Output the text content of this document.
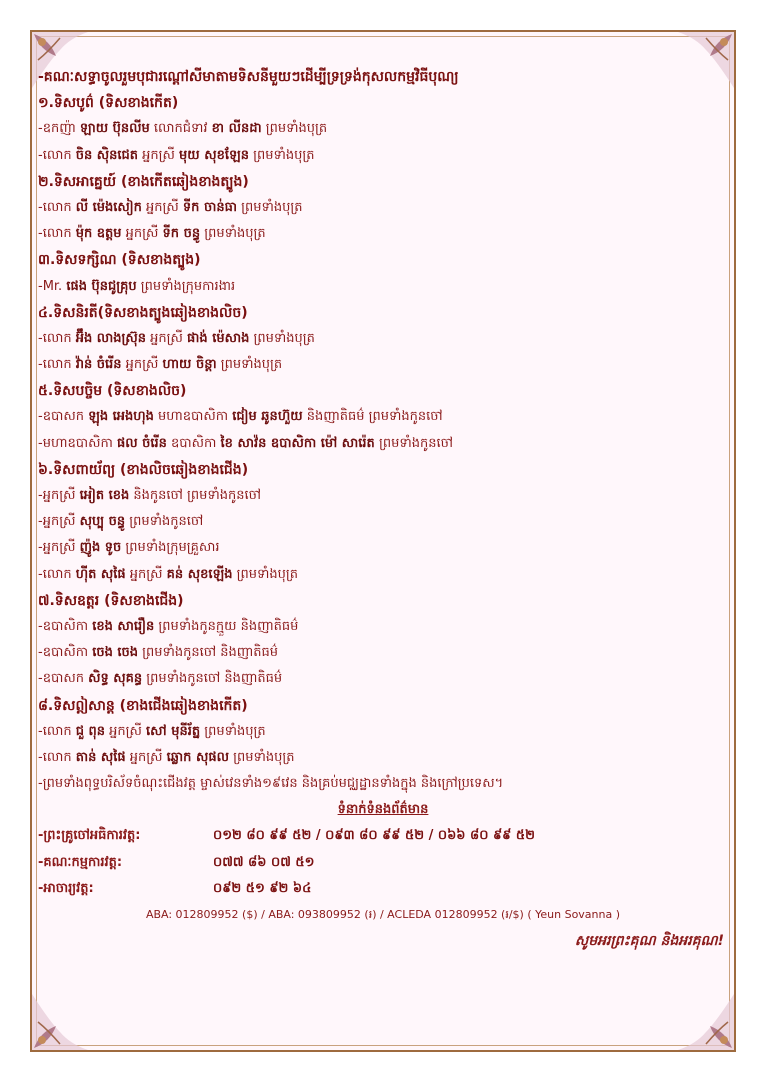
-គណៈសទ្ធាចូលរួមបុជារណ្តៅសីមាតាមទិសនីមួយៗដើម្បីទ្រទ្រង់កុសលកម្មវិធីបុណ្យ
១.ទិសបូព៌ (ទិសខាងកើត)
-ឧកញ៉ា ឡាយ ប៊ុនលីម លោកជំទាវ ខា លីនដា ព្រមទាំងបុត្រ
-លោក ចិន ស៊ិនជេត អ្នកស្រី មុយ សុខឡែន ព្រមទាំងបុត្រ
២.ទិសអាគ្នេយ៍ (ខាងកើតឆៀងខាងត្បូង)
-លោក លី ម៉េងសៀក អ្នកស្រី ទីក ចាន់ធា ព្រមទាំងបុត្រ
-លោក ម៉ុក ឧត្តម អ្នកស្រី ទីក ចន្ធូ ព្រមទាំងបុត្រ
៣.ទិសទក្សិណ (ទិសខាងត្បូង)
-Mr. ផេង ប៊ុនជូគ្រុប ព្រមទាំងក្រុមការងារ
៤.ទិសនិរតី(ទិសខាងត្បូងឆៀងខាងលិច)
-លោក អ៊ឹង លាងស្រ៊ុន អ្នកស្រី ផាង់ ម៉េសាង ព្រមទាំងបុត្រ
-លោក វ៉ាន់ ចំរើន អ្នកស្រី ហាយ ចិន្តា ព្រមទាំងបុត្រ
៥.ទិសបច្ចិម (ទិសខាងលិច)
-ឧបាសក ឡុង អេងហុង មហាឧបាសិកា ជៀម ឆូនហ៊ួយ និងញាតិធម៌ ព្រមទាំងកូនចៅ
-មហាឧបាសិកា ផល ចំរើន ឧបាសិកា ខៃ សាវ៉ន ឧបាសិកា ម៉ៅ សារ៉េត ព្រមទាំងកូនចៅ
៦.ទិសពាយ័ព្យ (ខាងលិចឆៀងខាងជើង)
-អ្នកស្រី អៀត ខេង និងកូនចៅ ព្រមទាំងកូនចៅ
-អ្នកស្រី សុប្បុ ចន្ធូ ព្រមទាំងកូនចៅ
-អ្នកស្រី ញ៉ូង ទូច ព្រមទាំងក្រុមគ្រួសារ
-លោក ហ៊ីត សុផៃ អ្នកស្រី គន់ សុខឡើង ព្រមទាំងបុត្រ
៧.ទិសឧត្តរ (ទិសខាងជើង)
-ឧបាសិកា ខេង សារឿន ព្រមទាំងកូនក្មួយ និងញាតិធម៌
-ឧបាសិកា ចេង ចេង ព្រមទាំងកូនចៅ និងញាតិធម៌
-ឧបាសក សិទ្ធ សុគន្ធ ព្រមទាំងកូនចៅ និងញាតិធម៌
៨.ទិសឦសាន្ត (ខាងជើងឆៀងខាងកើត)
-លោក ជួ ពុន អ្នកស្រី សៅ មុនីរ័ត្ន ព្រមទាំងបុត្រ
-លោក តាន់ សុផៃ អ្នកស្រី ឆ្លោក សុផល ព្រមទាំងបុត្រ
-ព្រមទាំងពុទ្ធបរិស័ទចំណុះជើងវត្ត ម្ចាស់វេនទាំង១៩វេន និងគ្រប់មជ្ឈដ្ឋានទាំងក្នុង និងក្រៅប្រទេស។
ទំនាក់ទំនងព័ត៌មាន
-ព្រះគ្រូចៅអធិការវត្ត:	០១២ ៨០ ៩៩ ៥២ / ០៩៣ ៨០ ៩៩ ៥២ / ០៦៦ ៨០ ៩៩ ៥២
-គណៈកម្មការវត្ត:	០៧៧ ៨៦ ០៧ ៥១
-អាចារ្យវត្ត:	០៩២ ៥១ ៩២ ៦៤
ABA: 012809952 ($) / ABA: 093809952 (៛) / ACLEDA 012809952 (៛/$) ( Yeun Sovanna )
សូមអរព្រះគុណ និងអរគុណ!
